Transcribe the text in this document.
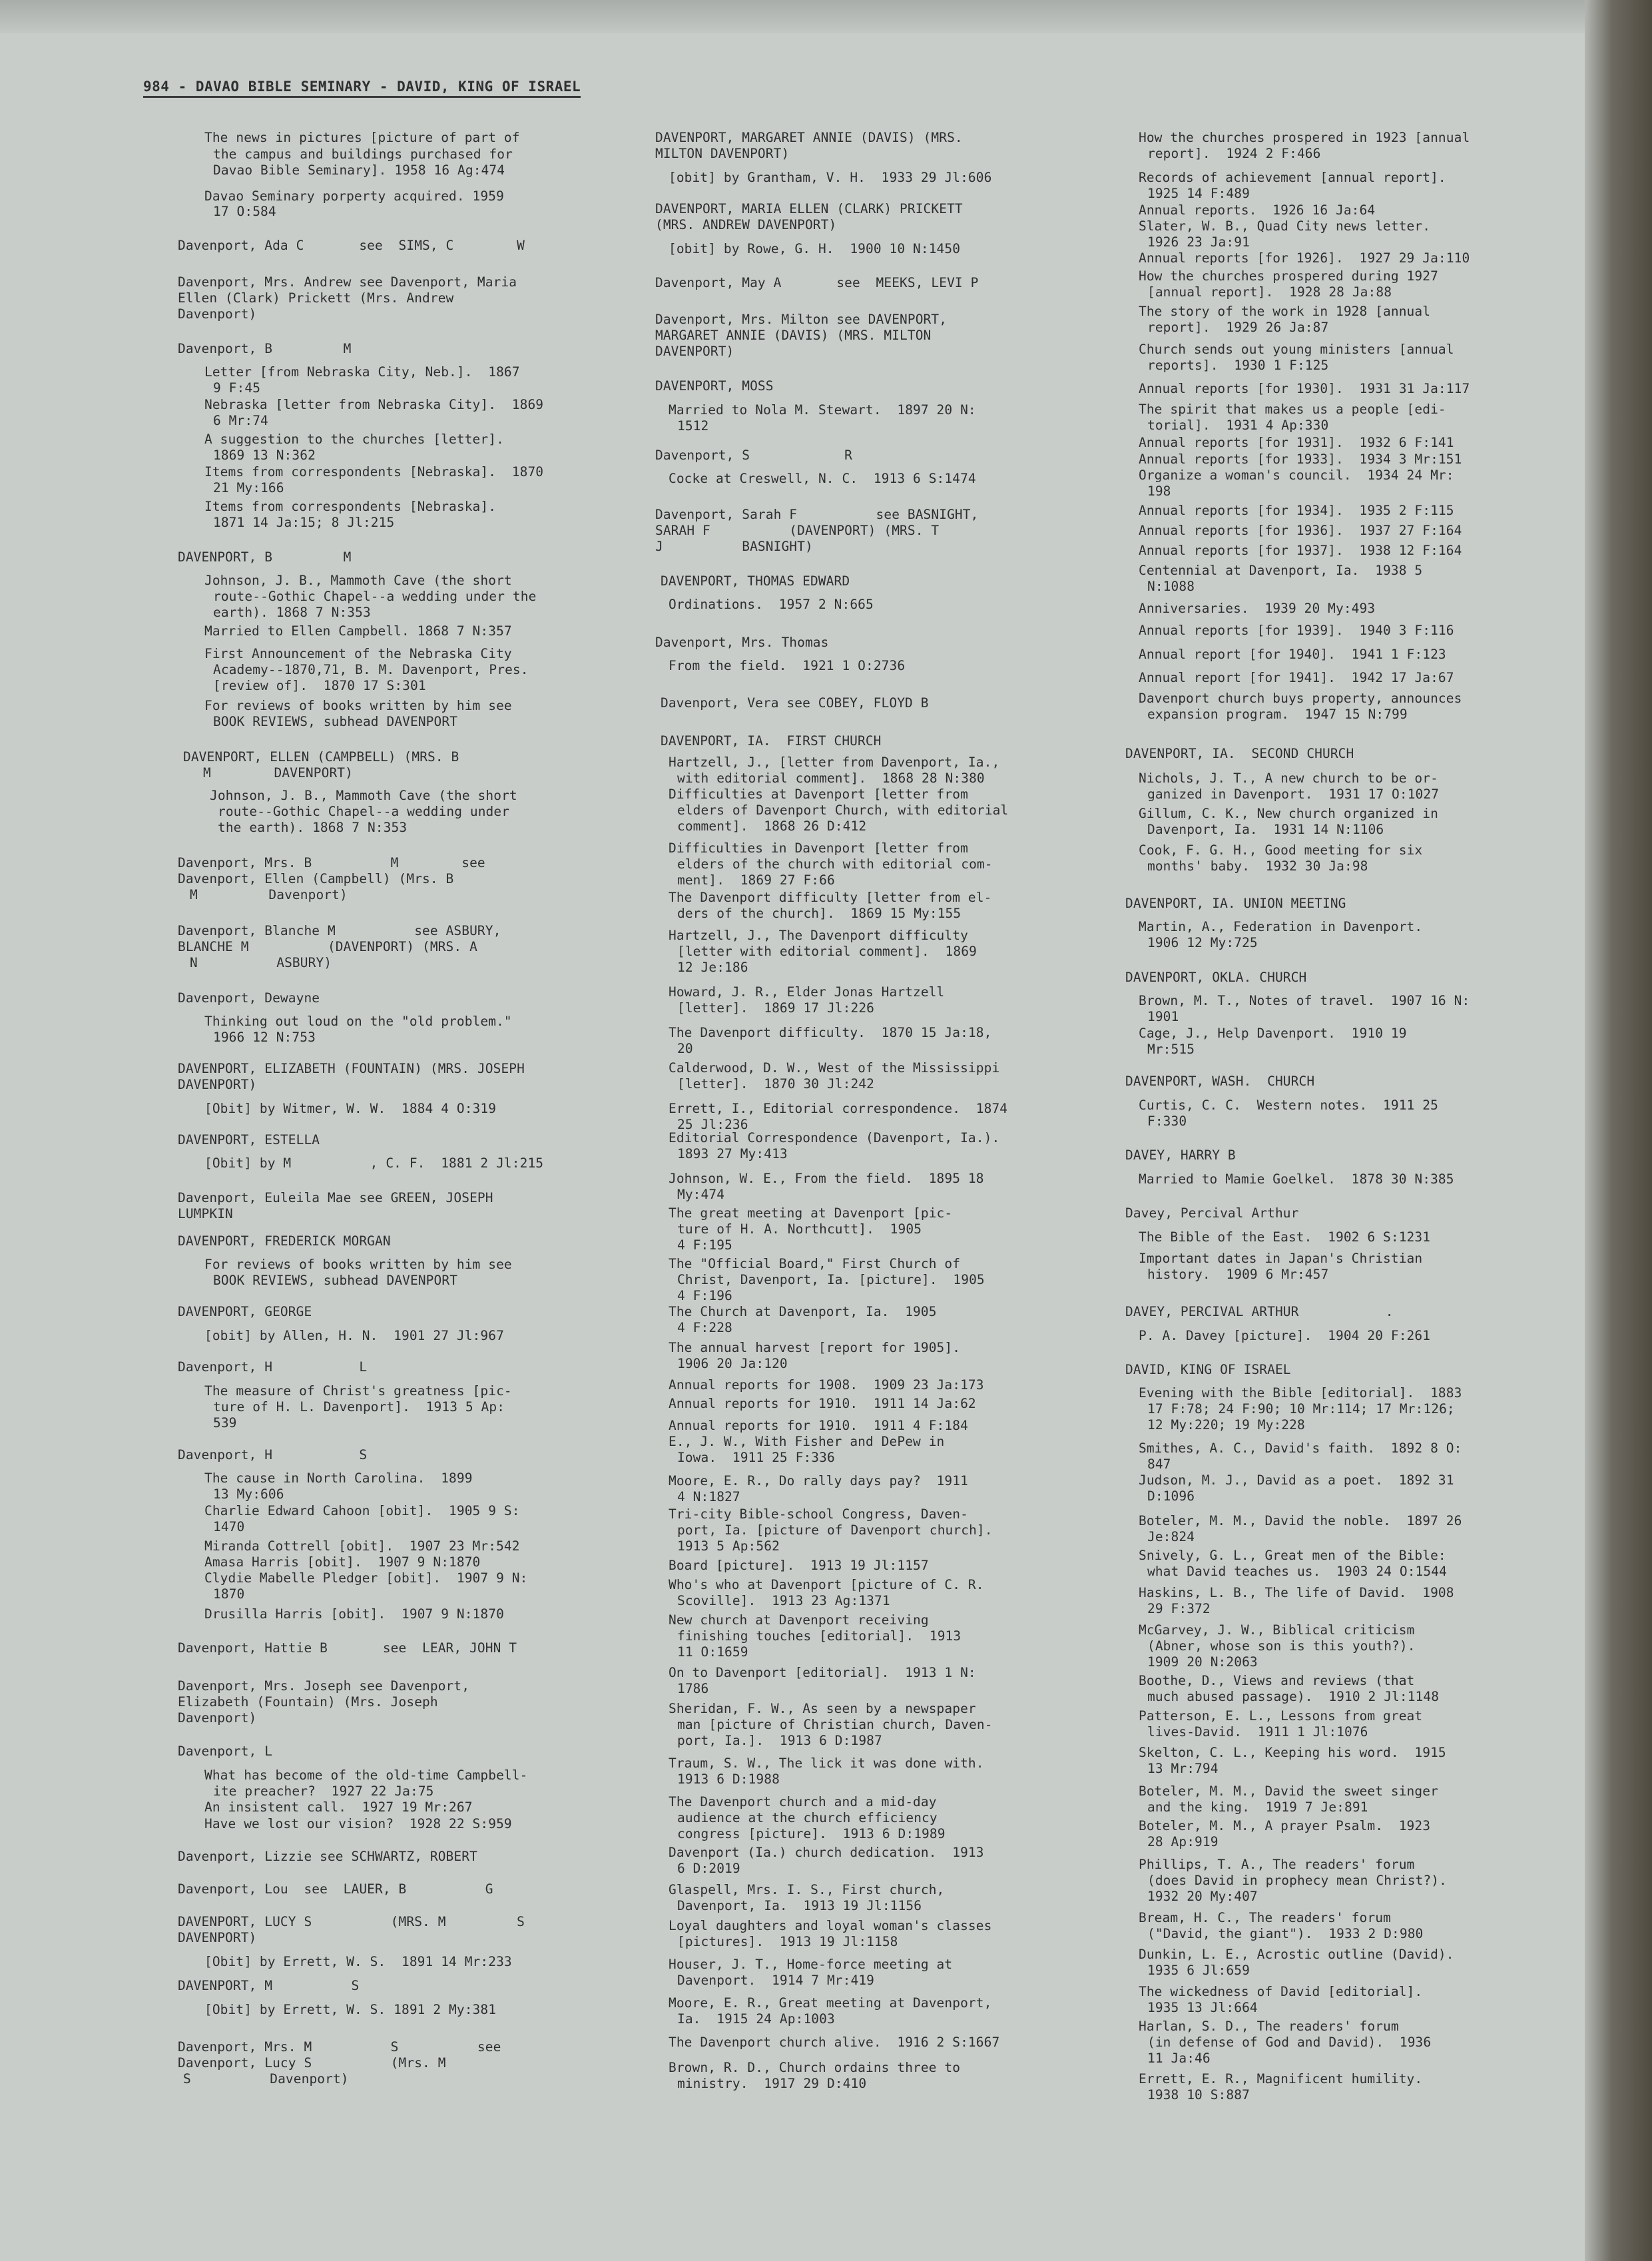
984 - DAVAO BIBLE SEMINARY - DAVID, KING OF ISRAEL
The news in pictures [picture of part of
the campus and buildings purchased for
Davao Bible Seminary]. 1958 16 Ag:474
Davao Seminary porperty acquired. 1959
17 O:584
Davenport, Ada C       see  SIMS, C        W
Davenport, Mrs. Andrew see Davenport, Maria
Ellen (Clark) Prickett (Mrs. Andrew
Davenport)
Davenport, B         M
Letter [from Nebraska City, Neb.].  1867
9 F:45
Nebraska [letter from Nebraska City].  1869
6 Mr:74
A suggestion to the churches [letter].
1869 13 N:362
Items from correspondents [Nebraska].  1870
21 My:166
Items from correspondents [Nebraska].
1871 14 Ja:15; 8 Jl:215
DAVENPORT, B         M
Johnson, J. B., Mammoth Cave (the short
route--Gothic Chapel--a wedding under the
earth). 1868 7 N:353
Married to Ellen Campbell. 1868 7 N:357
First Announcement of the Nebraska City
Academy--1870,71, B. M. Davenport, Pres.
[review of].  1870 17 S:301
For reviews of books written by him see
BOOK REVIEWS, subhead DAVENPORT
DAVENPORT, ELLEN (CAMPBELL) (MRS. B
M        DAVENPORT)
Johnson, J. B., Mammoth Cave (the short
route--Gothic Chapel--a wedding under
the earth). 1868 7 N:353
Davenport, Mrs. B          M        see
Davenport, Ellen (Campbell) (Mrs. B
M         Davenport)
Davenport, Blanche M          see ASBURY,
BLANCHE M          (DAVENPORT) (MRS. A
N          ASBURY)
Davenport, Dewayne
Thinking out loud on the "old problem."
1966 12 N:753
DAVENPORT, ELIZABETH (FOUNTAIN) (MRS. JOSEPH
DAVENPORT)
[Obit] by Witmer, W. W.  1884 4 O:319
DAVENPORT, ESTELLA
[Obit] by M          , C. F.  1881 2 Jl:215
Davenport, Euleila Mae see GREEN, JOSEPH
LUMPKIN
DAVENPORT, FREDERICK MORGAN
For reviews of books written by him see
BOOK REVIEWS, subhead DAVENPORT
DAVENPORT, GEORGE
[obit] by Allen, H. N.  1901 27 Jl:967
Davenport, H           L
The measure of Christ's greatness [pic-
ture of H. L. Davenport].  1913 5 Ap:
539
Davenport, H           S
The cause in North Carolina.  1899
13 My:606
Charlie Edward Cahoon [obit].  1905 9 S:
1470
Miranda Cottrell [obit].  1907 23 Mr:542
Amasa Harris [obit].  1907 9 N:1870
Clydie Mabelle Pledger [obit].  1907 9 N:
1870
Drusilla Harris [obit].  1907 9 N:1870
Davenport, Hattie B       see  LEAR, JOHN T
Davenport, Mrs. Joseph see Davenport,
Elizabeth (Fountain) (Mrs. Joseph
Davenport)
Davenport, L
What has become of the old-time Campbell-
ite preacher?  1927 22 Ja:75
An insistent call.  1927 19 Mr:267
Have we lost our vision?  1928 22 S:959
Davenport, Lizzie see SCHWARTZ, ROBERT
Davenport, Lou  see  LAUER, B          G
DAVENPORT, LUCY S          (MRS. M         S
DAVENPORT)
[Obit] by Errett, W. S.  1891 14 Mr:233
DAVENPORT, M          S
[Obit] by Errett, W. S. 1891 2 My:381
Davenport, Mrs. M          S          see
Davenport, Lucy S          (Mrs. M
S          Davenport)
DAVENPORT, MARGARET ANNIE (DAVIS) (MRS.
MILTON DAVENPORT)
[obit] by Grantham, V. H.  1933 29 Jl:606
DAVENPORT, MARIA ELLEN (CLARK) PRICKETT
(MRS. ANDREW DAVENPORT)
[obit] by Rowe, G. H.  1900 10 N:1450
Davenport, May A       see  MEEKS, LEVI P
Davenport, Mrs. Milton see DAVENPORT,
MARGARET ANNIE (DAVIS) (MRS. MILTON
DAVENPORT)
DAVENPORT, MOSS
Married to Nola M. Stewart.  1897 20 N:
1512
Davenport, S            R
Cocke at Creswell, N. C.  1913 6 S:1474
Davenport, Sarah F          see BASNIGHT,
SARAH F          (DAVENPORT) (MRS. T
J          BASNIGHT)
DAVENPORT, THOMAS EDWARD
Ordinations.  1957 2 N:665
Davenport, Mrs. Thomas
From the field.  1921 1 O:2736
Davenport, Vera see COBEY, FLOYD B
DAVENPORT, IA.  FIRST CHURCH
Hartzell, J., [letter from Davenport, Ia.,
with editorial comment].  1868 28 N:380
Difficulties at Davenport [letter from
elders of Davenport Church, with editorial
comment].  1868 26 D:412
Difficulties in Davenport [letter from
elders of the church with editorial com-
ment].  1869 27 F:66
The Davenport difficulty [letter from el-
ders of the church].  1869 15 My:155
Hartzell, J., The Davenport difficulty
[letter with editorial comment].  1869
12 Je:186
Howard, J. R., Elder Jonas Hartzell
[letter].  1869 17 Jl:226
The Davenport difficulty.  1870 15 Ja:18,
20
Calderwood, D. W., West of the Mississippi
[letter].  1870 30 Jl:242
Errett, I., Editorial correspondence.  1874
25 Jl:236
Editorial Correspondence (Davenport, Ia.).
1893 27 My:413
Johnson, W. E., From the field.  1895 18
My:474
The great meeting at Davenport [pic-
ture of H. A. Northcutt].  1905
4 F:195
The "Official Board," First Church of
Christ, Davenport, Ia. [picture].  1905
4 F:196
The Church at Davenport, Ia.  1905
4 F:228
The annual harvest [report for 1905].
1906 20 Ja:120
Annual reports for 1908.  1909 23 Ja:173
Annual reports for 1910.  1911 14 Ja:62
Annual reports for 1910.  1911 4 F:184
E., J. W., With Fisher and DePew in
Iowa.  1911 25 F:336
Moore, E. R., Do rally days pay?  1911
4 N:1827
Tri-city Bible-school Congress, Daven-
port, Ia. [picture of Davenport church].
1913 5 Ap:562
Board [picture].  1913 19 Jl:1157
Who's who at Davenport [picture of C. R.
Scoville].  1913 23 Ag:1371
New church at Davenport receiving
finishing touches [editorial].  1913
11 O:1659
On to Davenport [editorial].  1913 1 N:
1786
Sheridan, F. W., As seen by a newspaper
man [picture of Christian church, Daven-
port, Ia.].  1913 6 D:1987
Traum, S. W., The lick it was done with.
1913 6 D:1988
The Davenport church and a mid-day
audience at the church efficiency
congress [picture].  1913 6 D:1989
Davenport (Ia.) church dedication.  1913
6 D:2019
Glaspell, Mrs. I. S., First church,
Davenport, Ia.  1913 19 Jl:1156
Loyal daughters and loyal woman's classes
[pictures].  1913 19 Jl:1158
Houser, J. T., Home-force meeting at
Davenport.  1914 7 Mr:419
Moore, E. R., Great meeting at Davenport,
Ia.  1915 24 Ap:1003
The Davenport church alive.  1916 2 S:1667
Brown, R. D., Church ordains three to
ministry.  1917 29 D:410
How the churches prospered in 1923 [annual
report].  1924 2 F:466
Records of achievement [annual report].
1925 14 F:489
Annual reports.  1926 16 Ja:64
Slater, W. B., Quad City news letter.
1926 23 Ja:91
Annual reports [for 1926].  1927 29 Ja:110
How the churches prospered during 1927
[annual report].  1928 28 Ja:88
The story of the work in 1928 [annual
report].  1929 26 Ja:87
Church sends out young ministers [annual
reports].  1930 1 F:125
Annual reports [for 1930].  1931 31 Ja:117
The spirit that makes us a people [edi-
torial].  1931 4 Ap:330
Annual reports [for 1931].  1932 6 F:141
Annual reports [for 1933].  1934 3 Mr:151
Organize a woman's council.  1934 24 Mr:
198
Annual reports [for 1934].  1935 2 F:115
Annual reports [for 1936].  1937 27 F:164
Annual reports [for 1937].  1938 12 F:164
Centennial at Davenport, Ia.  1938 5
N:1088
Anniversaries.  1939 20 My:493
Annual reports [for 1939].  1940 3 F:116
Annual report [for 1940].  1941 1 F:123
Annual report [for 1941].  1942 17 Ja:67
Davenport church buys property, announces
expansion program.  1947 15 N:799
DAVENPORT, IA.  SECOND CHURCH
Nichols, J. T., A new church to be or-
ganized in Davenport.  1931 17 O:1027
Gillum, C. K., New church organized in
Davenport, Ia.  1931 14 N:1106
Cook, F. G. H., Good meeting for six
months' baby.  1932 30 Ja:98
DAVENPORT, IA. UNION MEETING
Martin, A., Federation in Davenport.
1906 12 My:725
DAVENPORT, OKLA. CHURCH
Brown, M. T., Notes of travel.  1907 16 N:
1901
Cage, J., Help Davenport.  1910 19
Mr:515
DAVENPORT, WASH.  CHURCH
Curtis, C. C.  Western notes.  1911 25
F:330
DAVEY, HARRY B
Married to Mamie Goelkel.  1878 30 N:385
Davey, Percival Arthur
The Bible of the East.  1902 6 S:1231
Important dates in Japan's Christian
history.  1909 6 Mr:457
DAVEY, PERCIVAL ARTHUR           .
P. A. Davey [picture].  1904 20 F:261
DAVID, KING OF ISRAEL
Evening with the Bible [editorial].  1883
17 F:78; 24 F:90; 10 Mr:114; 17 Mr:126;
12 My:220; 19 My:228
Smithes, A. C., David's faith.  1892 8 O:
847
Judson, M. J., David as a poet.  1892 31
D:1096
Boteler, M. M., David the noble.  1897 26
Je:824
Snively, G. L., Great men of the Bible:
what David teaches us.  1903 24 O:1544
Haskins, L. B., The life of David.  1908
29 F:372
McGarvey, J. W., Biblical criticism
(Abner, whose son is this youth?).
1909 20 N:2063
Boothe, D., Views and reviews (that
much abused passage).  1910 2 Jl:1148
Patterson, E. L., Lessons from great
lives-David.  1911 1 Jl:1076
Skelton, C. L., Keeping his word.  1915
13 Mr:794
Boteler, M. M., David the sweet singer
and the king.  1919 7 Je:891
Boteler, M. M., A prayer Psalm.  1923
28 Ap:919
Phillips, T. A., The readers' forum
(does David in prophecy mean Christ?).
1932 20 My:407
Bream, H. C., The readers' forum
("David, the giant").  1933 2 D:980
Dunkin, L. E., Acrostic outline (David).
1935 6 Jl:659
The wickedness of David [editorial].
1935 13 Jl:664
Harlan, S. D., The readers' forum
(in defense of God and David).  1936
11 Ja:46
Errett, E. R., Magnificent humility.
1938 10 S:887
